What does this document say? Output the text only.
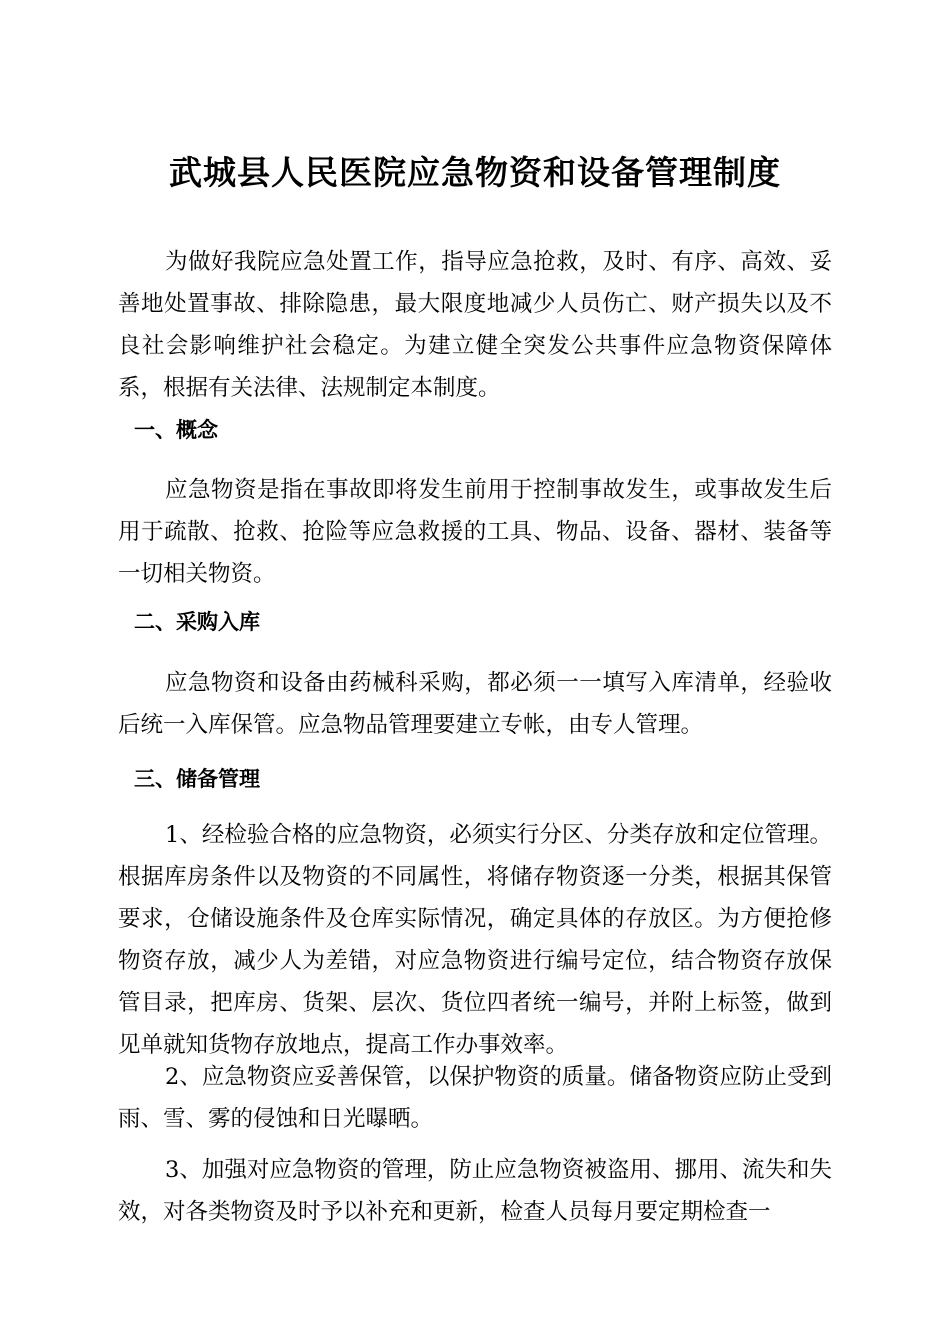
武城县人民医院应急物资和设备管理制度

为做好我院应急处置工作，指导应急抢救，及时、有序、高效、妥善地处置事故、排除隐患，最大限度地减少人员伤亡、财产损失以及不良社会影响维护社会稳定。为建立健全突发公共事件应急物资保障体系，根据有关法律、法规制定本制度。

一、概念

应急物资是指在事故即将发生前用于控制事故发生，或事故发生后用于疏散、抢救、抢险等应急救援的工具、物品、设备、器材、装备等一切相关物资。

二、采购入库

应急物资和设备由药械科采购，都必须一一填写入库清单，经验收后统一入库保管。应急物品管理要建立专帐，由专人管理。

三、储备管理

1、经检验合格的应急物资，必须实行分区、分类存放和定位管理。根据库房条件以及物资的不同属性，将储存物资逐一分类，根据其保管要求，仓储设施条件及仓库实际情况，确定具体的存放区。为方便抢修物资存放，减少人为差错，对应急物资进行编号定位，结合物资存放保管目录，把库房、货架、层次、货位四者统一编号，并附上标签，做到见单就知货物存放地点，提高工作办事效率。

2、应急物资应妥善保管，以保护物资的质量。储备物资应防止受到雨、雪、雾的侵蚀和日光曝晒。

3、加强对应急物资的管理，防止应急物资被盗用、挪用、流失和失效，对各类物资及时予以补充和更新，检查人员每月要定期检查一
